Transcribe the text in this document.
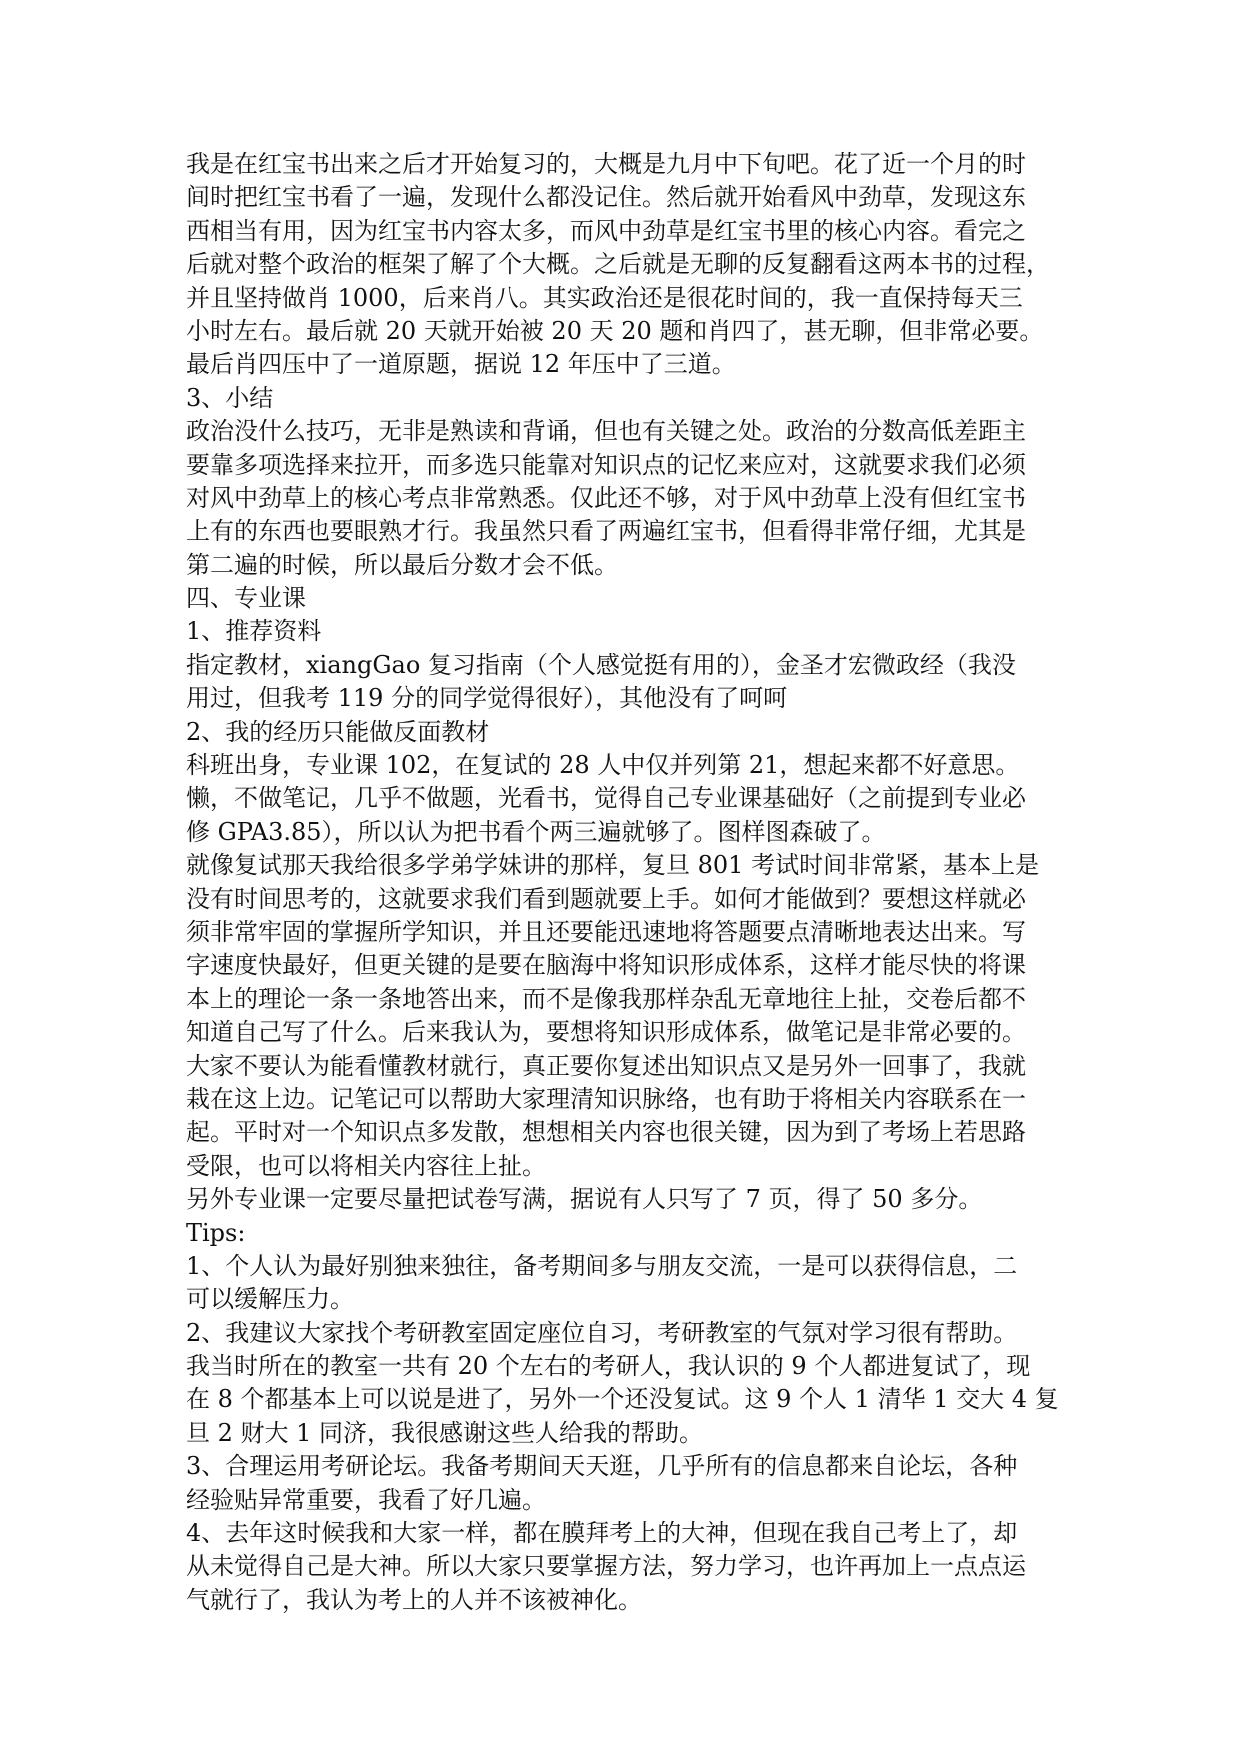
我是在红宝书出来之后才开始复习的，大概是九月中下旬吧。花了近一个月的时
间时把红宝书看了一遍，发现什么都没记住。然后就开始看风中劲草，发现这东
西相当有用，因为红宝书内容太多，而风中劲草是红宝书里的核心内容。看完之
后就对整个政治的框架了解了个大概。之后就是无聊的反复翻看这两本书的过程，
并且坚持做肖 1000，后来肖八。其实政治还是很花时间的，我一直保持每天三
小时左右。最后就 20 天就开始被 20 天 20 题和肖四了，甚无聊，但非常必要。
最后肖四压中了一道原题，据说 12 年压中了三道。
3、小结
政治没什么技巧，无非是熟读和背诵，但也有关键之处。政治的分数高低差距主
要靠多项选择来拉开，而多选只能靠对知识点的记忆来应对，这就要求我们必须
对风中劲草上的核心考点非常熟悉。仅此还不够，对于风中劲草上没有但红宝书
上有的东西也要眼熟才行。我虽然只看了两遍红宝书，但看得非常仔细，尤其是
第二遍的时候，所以最后分数才会不低。
四、专业课
1、推荐资料
指定教材，xiangGao 复习指南（个人感觉挺有用的），金圣才宏微政经（我没
用过，但我考 119 分的同学觉得很好），其他没有了呵呵
2、我的经历只能做反面教材
科班出身，专业课 102，在复试的 28 人中仅并列第 21，想起来都不好意思。
懒，不做笔记，几乎不做题，光看书，觉得自己专业课基础好（之前提到专业必
修 GPA3.85），所以认为把书看个两三遍就够了。图样图森破了。
就像复试那天我给很多学弟学妹讲的那样，复旦 801 考试时间非常紧，基本上是
没有时间思考的，这就要求我们看到题就要上手。如何才能做到？要想这样就必
须非常牢固的掌握所学知识，并且还要能迅速地将答题要点清晰地表达出来。写
字速度快最好，但更关键的是要在脑海中将知识形成体系，这样才能尽快的将课
本上的理论一条一条地答出来，而不是像我那样杂乱无章地往上扯，交卷后都不
知道自己写了什么。后来我认为，要想将知识形成体系，做笔记是非常必要的。
大家不要认为能看懂教材就行，真正要你复述出知识点又是另外一回事了，我就
栽在这上边。记笔记可以帮助大家理清知识脉络，也有助于将相关内容联系在一
起。平时对一个知识点多发散，想想相关内容也很关键，因为到了考场上若思路
受限，也可以将相关内容往上扯。
另外专业课一定要尽量把试卷写满，据说有人只写了 7 页，得了 50 多分。
Tips:
1、个人认为最好别独来独往，备考期间多与朋友交流，一是可以获得信息，二
可以缓解压力。
2、我建议大家找个考研教室固定座位自习，考研教室的气氛对学习很有帮助。
我当时所在的教室一共有 20 个左右的考研人，我认识的 9 个人都进复试了，现
在 8 个都基本上可以说是进了，另外一个还没复试。这 9 个人 1 清华 1 交大 4 复
旦 2 财大 1 同济，我很感谢这些人给我的帮助。
3、合理运用考研论坛。我备考期间天天逛，几乎所有的信息都来自论坛，各种
经验贴异常重要，我看了好几遍。
4、去年这时候我和大家一样，都在膜拜考上的大神，但现在我自己考上了，却
从未觉得自己是大神。所以大家只要掌握方法，努力学习，也许再加上一点点运
气就行了，我认为考上的人并不该被神化。
